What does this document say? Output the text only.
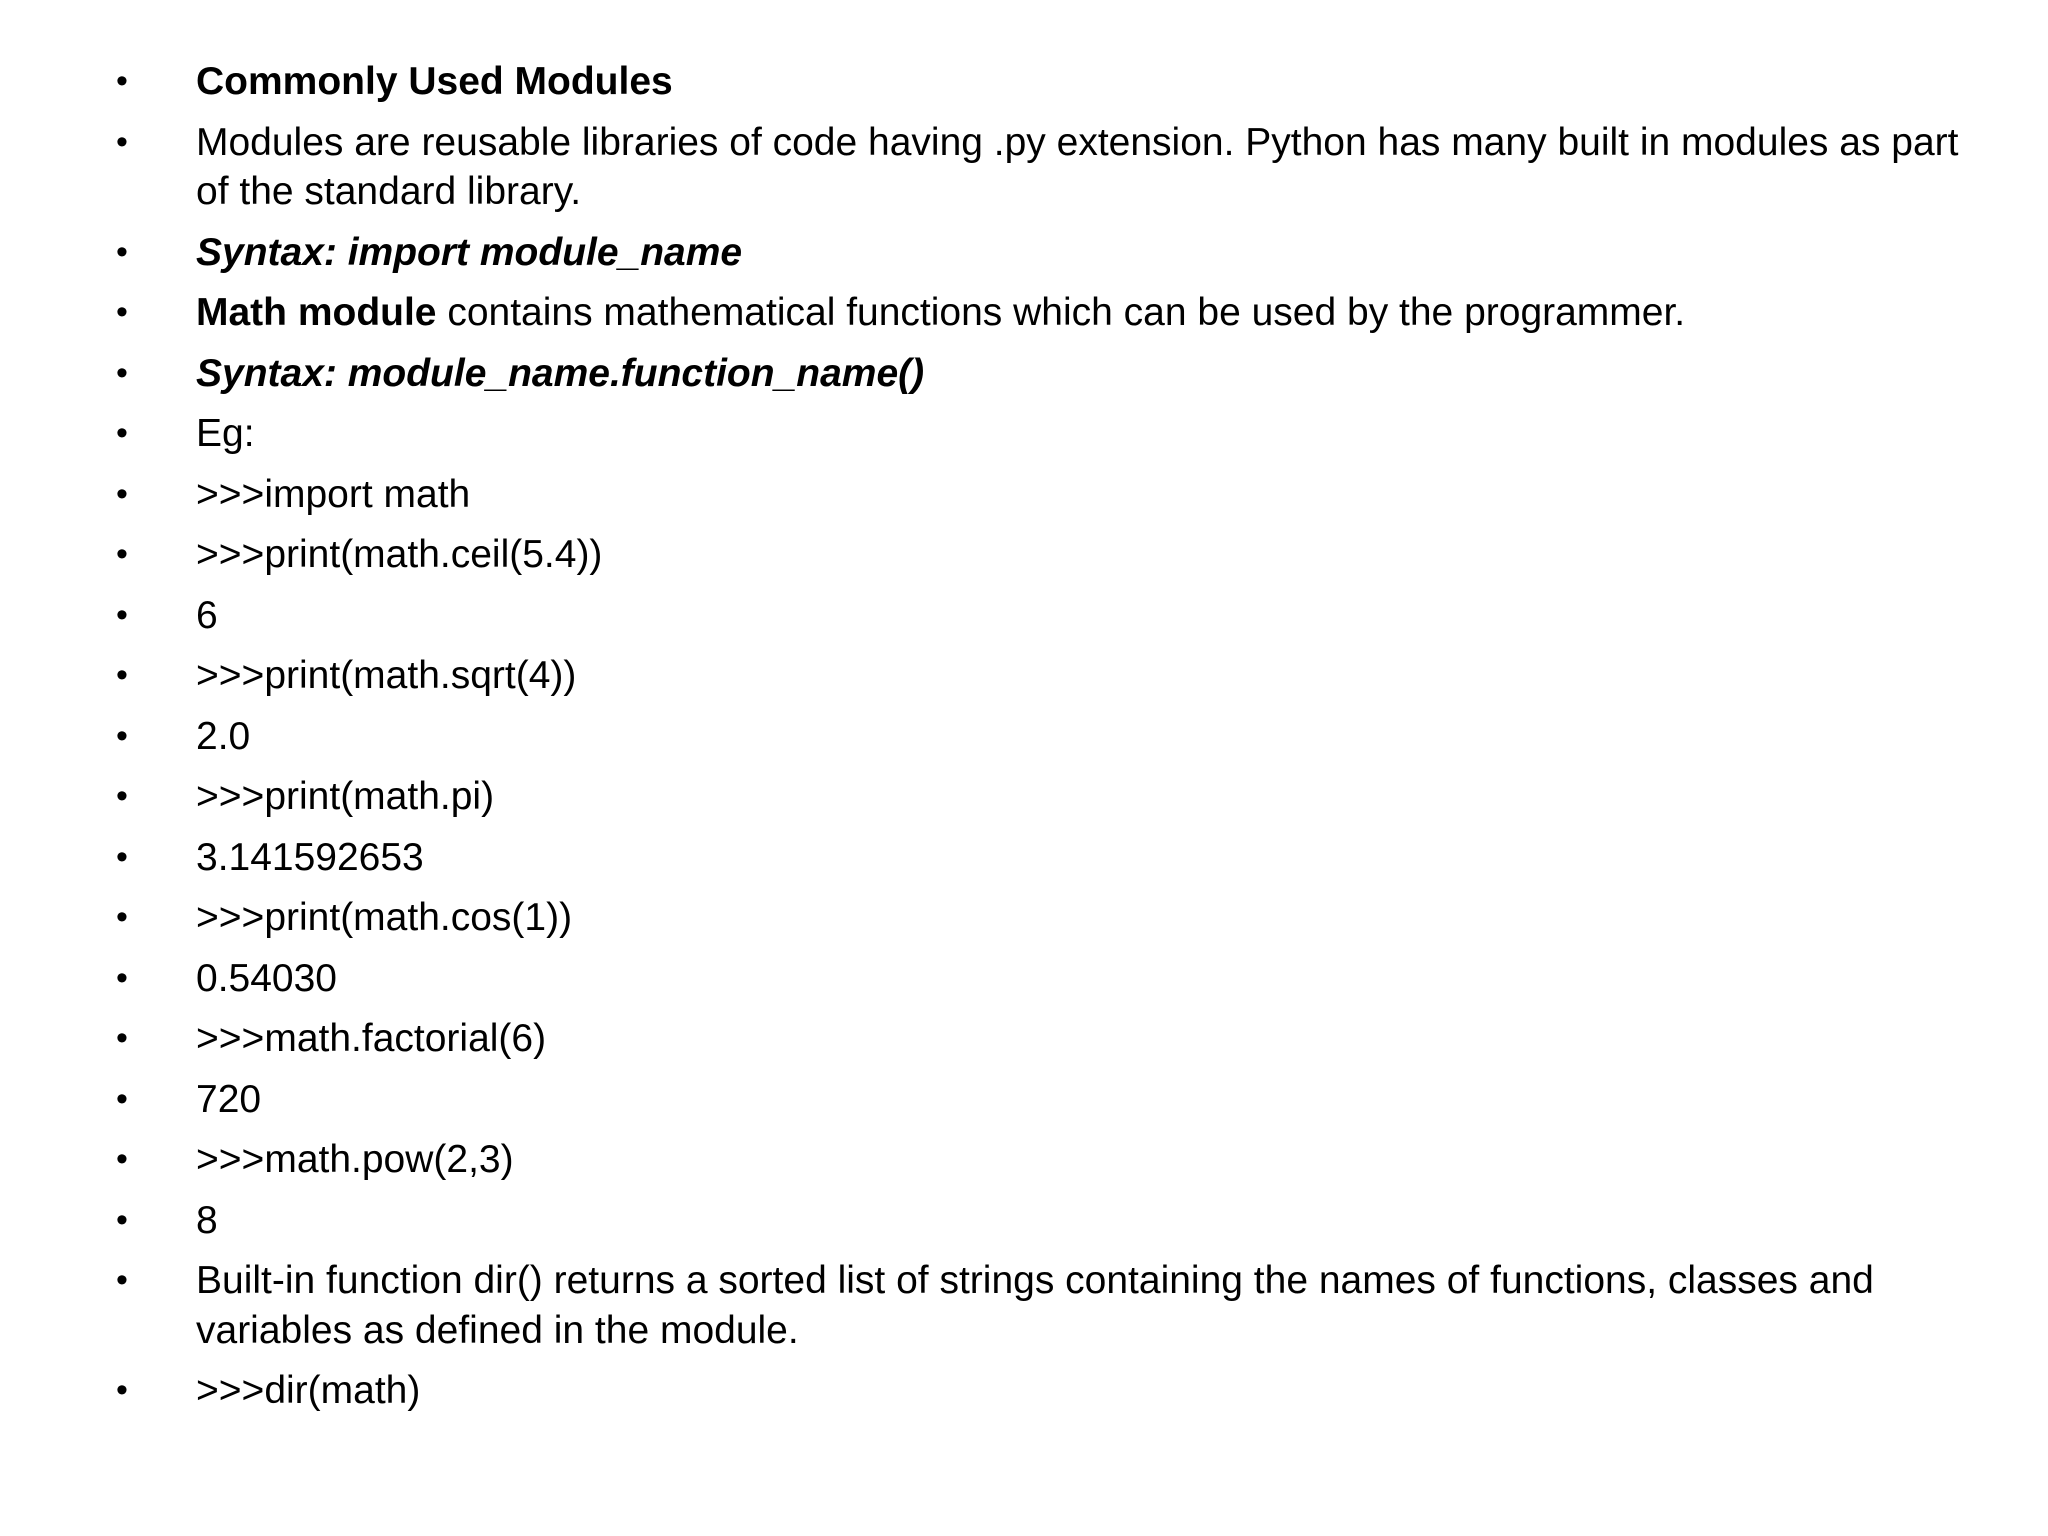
• Commonly Used Modules
• Modules are reusable libraries of code having .py extension. Python has many built in modules as part of the standard library.
• Syntax: import module_name
• Math module contains mathematical functions which can be used by the programmer.
• Syntax: module_name.function_name()
• Eg:
• >>>import math
• >>>print(math.ceil(5.4))
• 6
• >>>print(math.sqrt(4))
• 2.0
• >>>print(math.pi)
• 3.141592653
• >>>print(math.cos(1))
• 0.54030
• >>>math.factorial(6)
• 720
• >>>math.pow(2,3)
• 8
• Built-in function dir() returns a sorted list of strings containing the names of functions, classes and variables as defined in the module.
• >>>dir(math)
